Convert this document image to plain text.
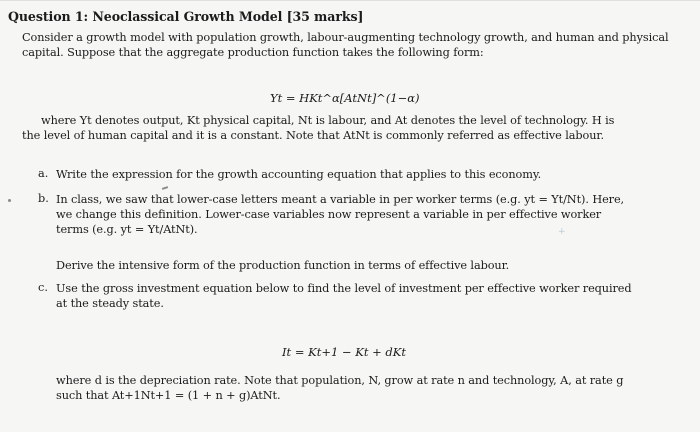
Question 1: Neoclassical Growth Model [35 marks]
Consider a growth model with population growth, labour-augmenting technology growth, and human and physical capital. Suppose that the aggregate production function takes the following form:
Yt = HKt^α[AtNt]^(1−α)
where Yt denotes output, Kt physical capital, Nt is labour, and At denotes the level of technology. H is
the level of human capital and it is a constant. Note that AtNt is commonly referred as effective labour.
a. Write the expression for the growth accounting equation that applies to this economy.
b. In class, we saw that lower-case letters meant a variable in per worker terms (e.g. yt = Yt/Nt). Here, we change this definition. Lower-case variables now represent a variable in per effective worker terms (e.g. yt = Yt/AtNt).	+
Derive the intensive form of the production function in terms of effective labour.
c. Use the gross investment equation below to find the level of investment per effective worker required at the steady state.
It = Kt+1 − Kt + dKt
where d is the depreciation rate. Note that population, N, grow at rate n and technology, A, at rate g such that At+1Nt+1 = (1 + n + g)AtNt.
